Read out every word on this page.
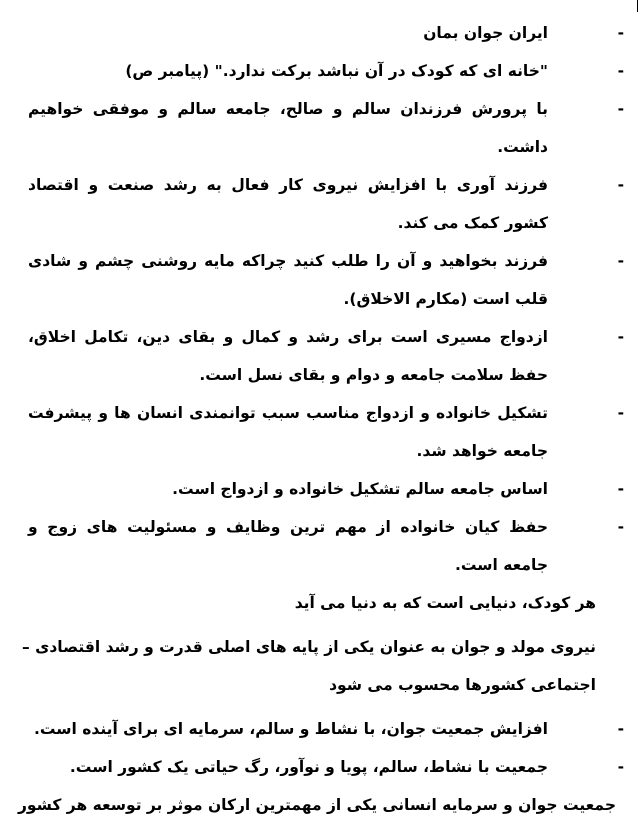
-
ایران جوان بمان

-
"خانه ای که کودک در آن نباشد برکت ندارد." (پیامبر ص)

-
با پرورش فرزندان سالم و صالح، جامعه سالم و موفقی خواهیم داشت.

-
فرزند آوری با افزایش نیروی کار فعال به رشد صنعت و اقتصاد کشور کمک می کند.

-
فرزند بخواهید و آن را طلب کنید چراکه مایه روشنی چشم و شادی قلب است (مکارم الاخلاق).

-
ازدواج مسیری است برای رشد و کمال و بقای دین، تکامل اخلاق، حفظ سلامت جامعه و دوام و بقای نسل است.

-
تشکیل خانواده و ازدواج مناسب سبب توانمندی انسان ها و پیشرفت جامعه خواهد شد.

-
اساس جامعه سالم تشکیل خانواده و ازدواج است.

-
حفظ کیان خانواده از مهم ترین وظایف و مسئولیت های زوج و جامعه است.

هر کودک، دنیایی است که به دنیا می آید

نیروی مولد و جوان به عنوان یکی از پایه های اصلی قدرت و رشد اقتصادی – اجتماعی کشورها محسوب می شود

-
افزایش جمعیت جوان، با نشاط و سالم، سرمایه ای برای آینده است.

-
جمعیت با نشاط، سالم، پویا و نوآور، رگ حیاتی یک کشور است.

جمعیت جوان و سرمایه انسانی یکی از مهمترین ارکان موثر بر توسعه هر کشور
